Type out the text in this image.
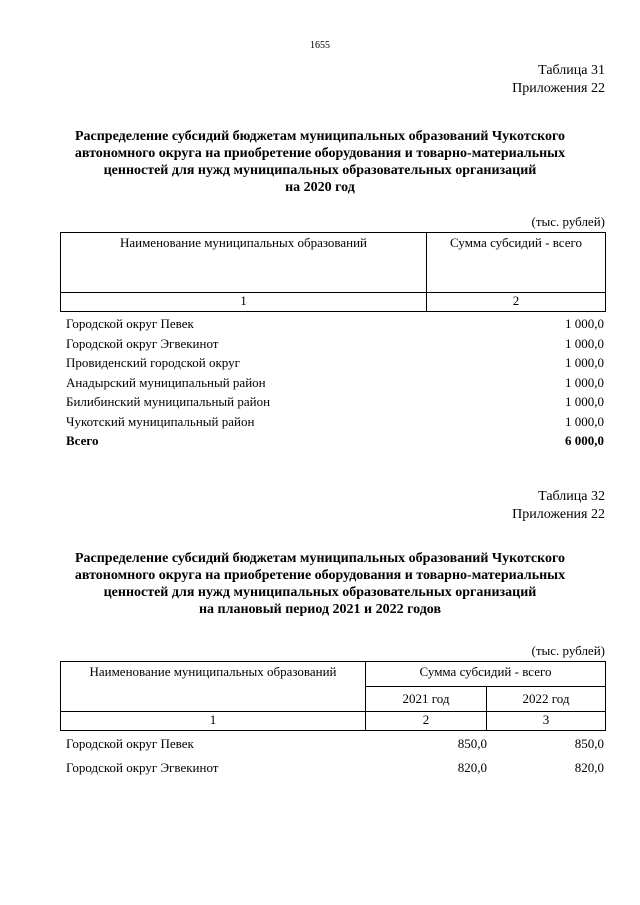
1655
Таблица 31
Приложения 22
Распределение субсидий бюджетам муниципальных образований Чукотского
автономного округа на приобретение оборудования и товарно-материальных
ценностей для нужд муниципальных образовательных организаций
на 2020 год
(тыс. рублей)
Наименование муниципальных образований	Сумма субсидий - всего
1	2
Городской округ Певек	1 000,0
Городской округ Эгвекинот	1 000,0
Провиденский городской округ	1 000,0
Анадырский муниципальный район	1 000,0
Билибинский муниципальный район	1 000,0
Чукотский муниципальный район	1 000,0
Всего	6 000,0
Таблица 32
Приложения 22
Распределение субсидий бюджетам муниципальных образований Чукотского
автономного округа на приобретение оборудования и товарно-материальных
ценностей для нужд муниципальных образовательных организаций
на плановый период 2021 и 2022 годов
(тыс. рублей)
Наименование муниципальных образований	Сумма субсидий - всего	
	2021 год	2022 год
1	2	3
Городской округ Певек	850,0	850,0
Городской округ Эгвекинот	820,0	820,0
